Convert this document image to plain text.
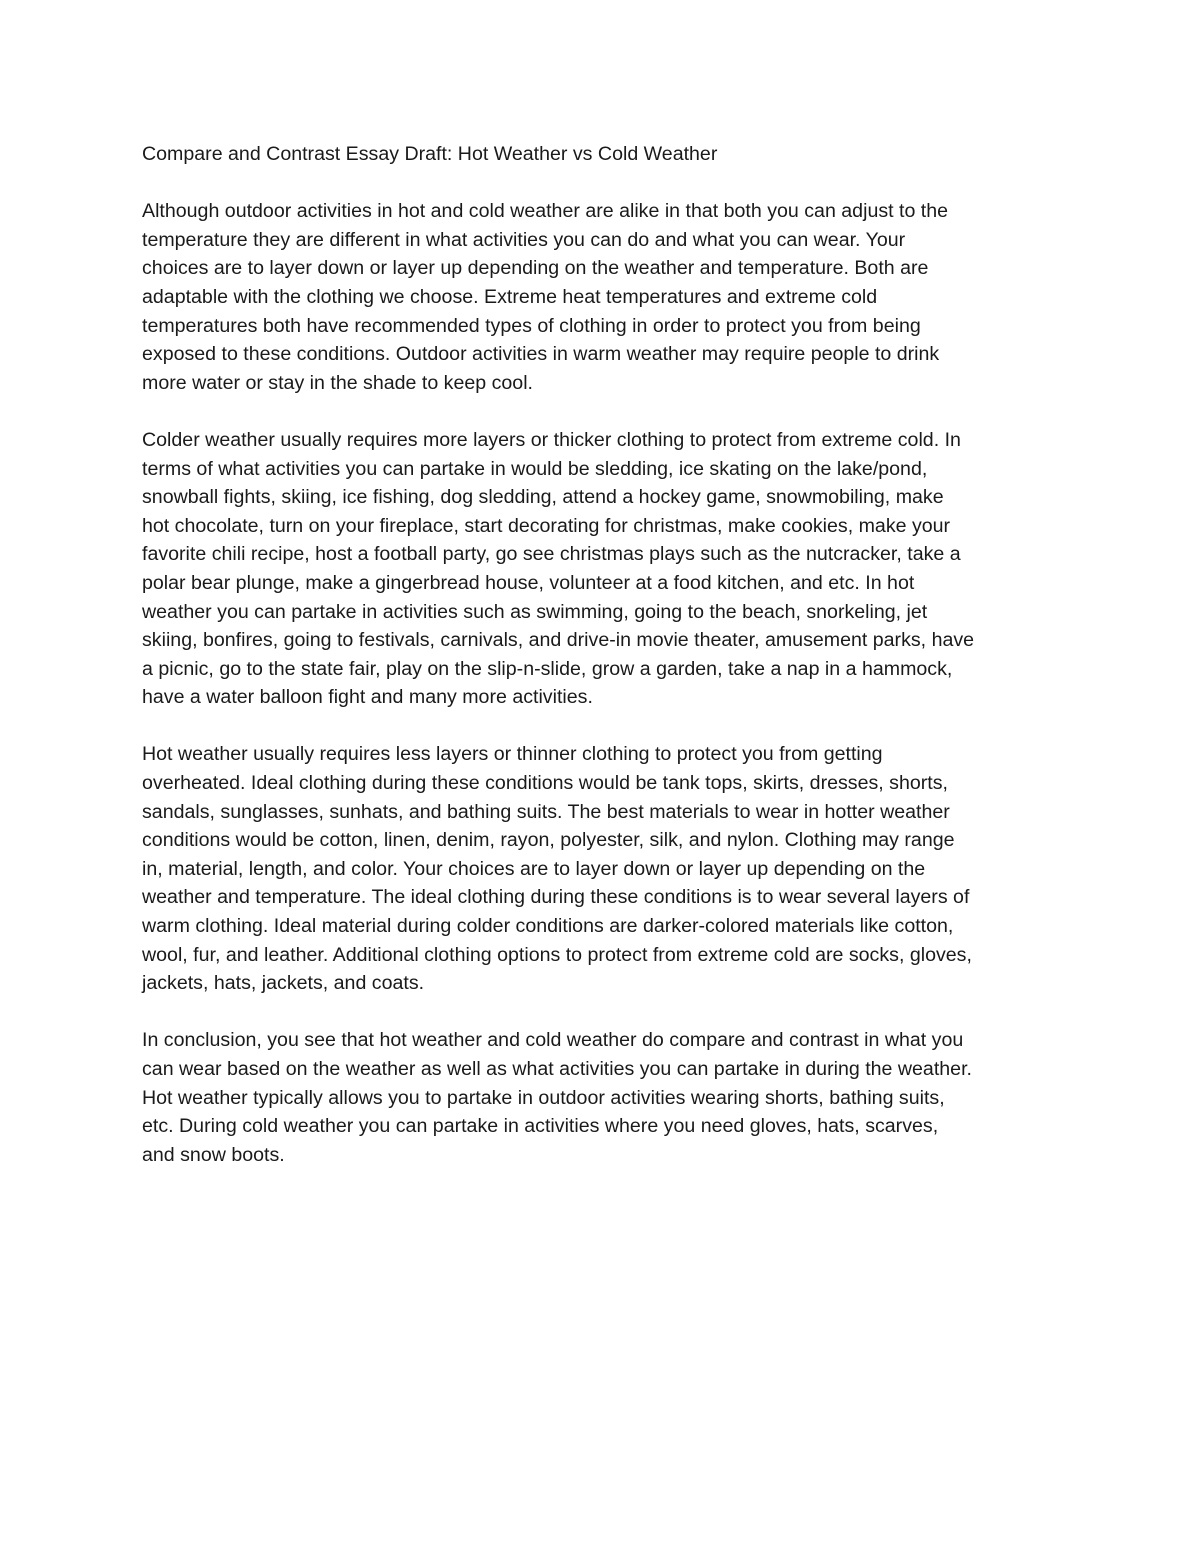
Compare and Contrast Essay Draft: Hot Weather vs Cold Weather
Although outdoor activities in hot and cold weather are alike in that both you can adjust to the
temperature they are different in what activities you can do and what you can wear. Your
choices are to layer down or layer up depending on the weather and temperature. Both are
adaptable with the clothing we choose. Extreme heat temperatures and extreme cold
temperatures both have recommended types of clothing in order to protect you from being
exposed to these conditions. Outdoor activities in warm weather may require people to drink
more water or stay in the shade to keep cool.
Colder weather usually requires more layers or thicker clothing to protect from extreme cold. In
terms of what activities you can partake in would be sledding, ice skating on the lake/pond,
snowball fights, skiing, ice fishing, dog sledding, attend a hockey game, snowmobiling, make
hot chocolate, turn on your fireplace, start decorating for christmas, make cookies, make your
favorite chili recipe, host a football party, go see christmas plays such as the nutcracker, take a
polar bear plunge, make a gingerbread house, volunteer at a food kitchen, and etc. In hot
weather you can partake in activities such as swimming, going to the beach, snorkeling, jet
skiing, bonfires, going to festivals, carnivals, and drive-in movie theater, amusement parks, have
a picnic, go to the state fair, play on the slip-n-slide, grow a garden, take a nap in a hammock,
have a water balloon fight and many more activities.
Hot weather usually requires less layers or thinner clothing to protect you from getting
overheated. Ideal clothing during these conditions would be tank tops, skirts, dresses, shorts,
sandals, sunglasses, sunhats, and bathing suits. The best materials to wear in hotter weather
conditions would be cotton, linen, denim, rayon, polyester, silk, and nylon. Clothing may range
in, material, length, and color. Your choices are to layer down or layer up depending on the
weather and temperature. The ideal clothing during these conditions is to wear several layers of
warm clothing. Ideal material during colder conditions are darker-colored materials like cotton,
wool, fur, and leather. Additional clothing options to protect from extreme cold are socks, gloves,
jackets, hats, jackets, and coats.
In conclusion, you see that hot weather and cold weather do compare and contrast in what you
can wear based on the weather as well as what activities you can partake in during the weather.
Hot weather typically allows you to partake in outdoor activities wearing shorts, bathing suits,
etc. During cold weather you can partake in activities where you need gloves, hats, scarves,
and snow boots.
